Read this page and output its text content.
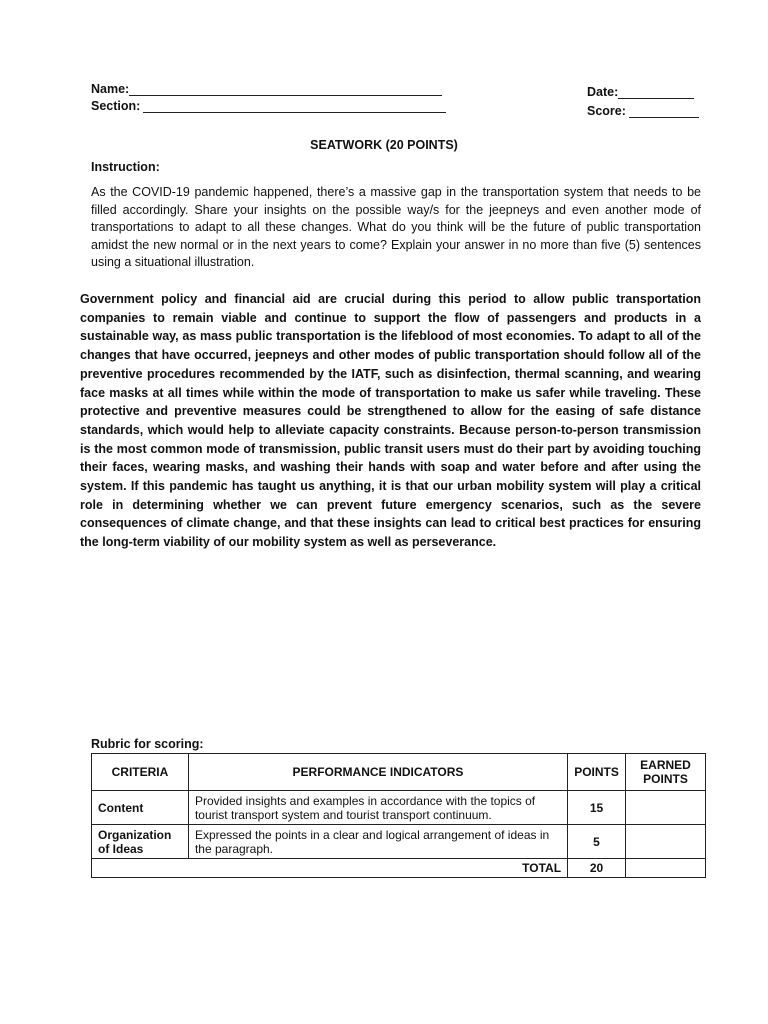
Name:
Section:
Date:
Score:
SEATWORK (20 POINTS)
Instruction:
As the COVID-19 pandemic happened, there’s a massive gap in the transportation system that needs to be filled accordingly. Share your insights on the possible way/s for the jeepneys and even another mode of transportations to adapt to all these changes. What do you think will be the future of public transportation amidst the new normal or in the next years to come? Explain your answer in no more than five (5) sentences using a situational illustration.
Government policy and financial aid are crucial during this period to allow public transportation companies to remain viable and continue to support the flow of passengers and products in a sustainable way, as mass public transportation is the lifeblood of most economies. To adapt to all of the changes that have occurred, jeepneys and other modes of public transportation should follow all of the preventive procedures recommended by the IATF, such as disinfection, thermal scanning, and wearing face masks at all times while within the mode of transportation to make us safer while traveling. These protective and preventive measures could be strengthened to allow for the easing of safe distance standards, which would help to alleviate capacity constraints. Because person-to-person transmission is the most common mode of transmission, public transit users must do their part by avoiding touching their faces, wearing masks, and washing their hands with soap and water before and after using the system. If this pandemic has taught us anything, it is that our urban mobility system will play a critical role in determining whether we can prevent future emergency scenarios, such as the severe consequences of climate change, and that these insights can lead to critical best practices for ensuring the long-term viability of our mobility system as well as perseverance.
Rubric for scoring:
CRITERIA	PERFORMANCE INDICATORS	POINTS	EARNED POINTS
Content	Provided insights and examples in accordance with the topics of tourist transport system and tourist transport continuum.	15	
Organization of Ideas	Expressed the points in a clear and logical arrangement of ideas in the paragraph.	5	
TOTAL		20	
